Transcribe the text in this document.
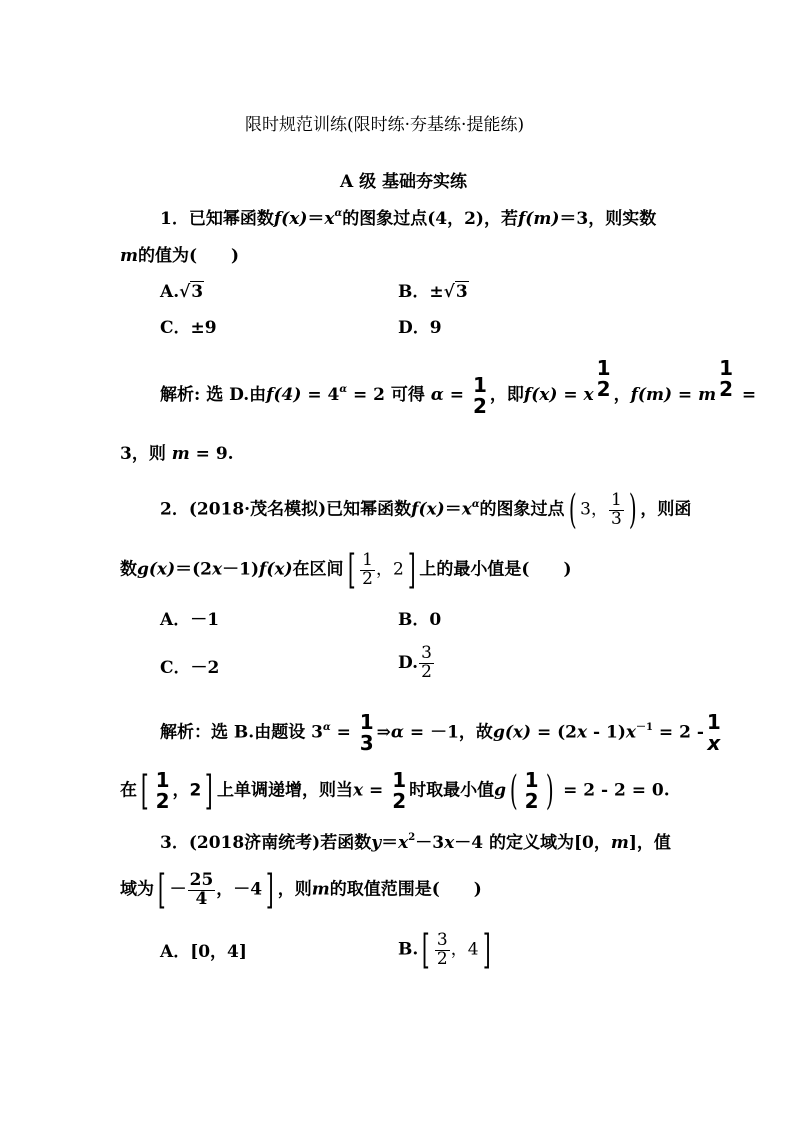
限时规范训练(限时练·夯基练·提能练)
A 级 基础夯实练
1．已知幂函数$f(x)=x^\alpha$的图象过点(4，2)，若f(m)＝3，则实数
m的值为(　　)
A.√3	B．±√3
C．±9	D．9
解析: 选 D.由$f(4) = 4^\alpha = 2$ 可得 α = 1
2 ，即f(x) = x
1
2 ，f(m) = m
1
2 =
3，则 m = 9.
2．(2018·茂名模拟)已知幂函数$f(x)=x^\alpha$的图象过点( 3， $\frac{1}{3}$ ) ，则函
数g(x)＝(2x－1)f(x)在区间[ $\frac{1}{2}$ ，2] 上的最小值是(　　)
A．－1	B．0
C．－2	D. $\frac{3}{2}$
解析：选 B.由题设 $3^\alpha = 1$
3 ⇒α = －1，故$g(x) = (2x - 1)x^{-1} = 2 - 1$
x
在[ 1
2 ，2] 上单调递增，则当x = 1
2 时取最小值g( 1
2 ) = 2 - 2 = 0.
3．(2018济南统考)若函数$y=x^2-3x-4$ 的定义域为[0，m]，值
域为[ － $\frac{25}{4}$ ，－4] ，则m的取值范围是(　　)
A．[0，4]	$B.[ \frac{3}{2}$ ，4]
